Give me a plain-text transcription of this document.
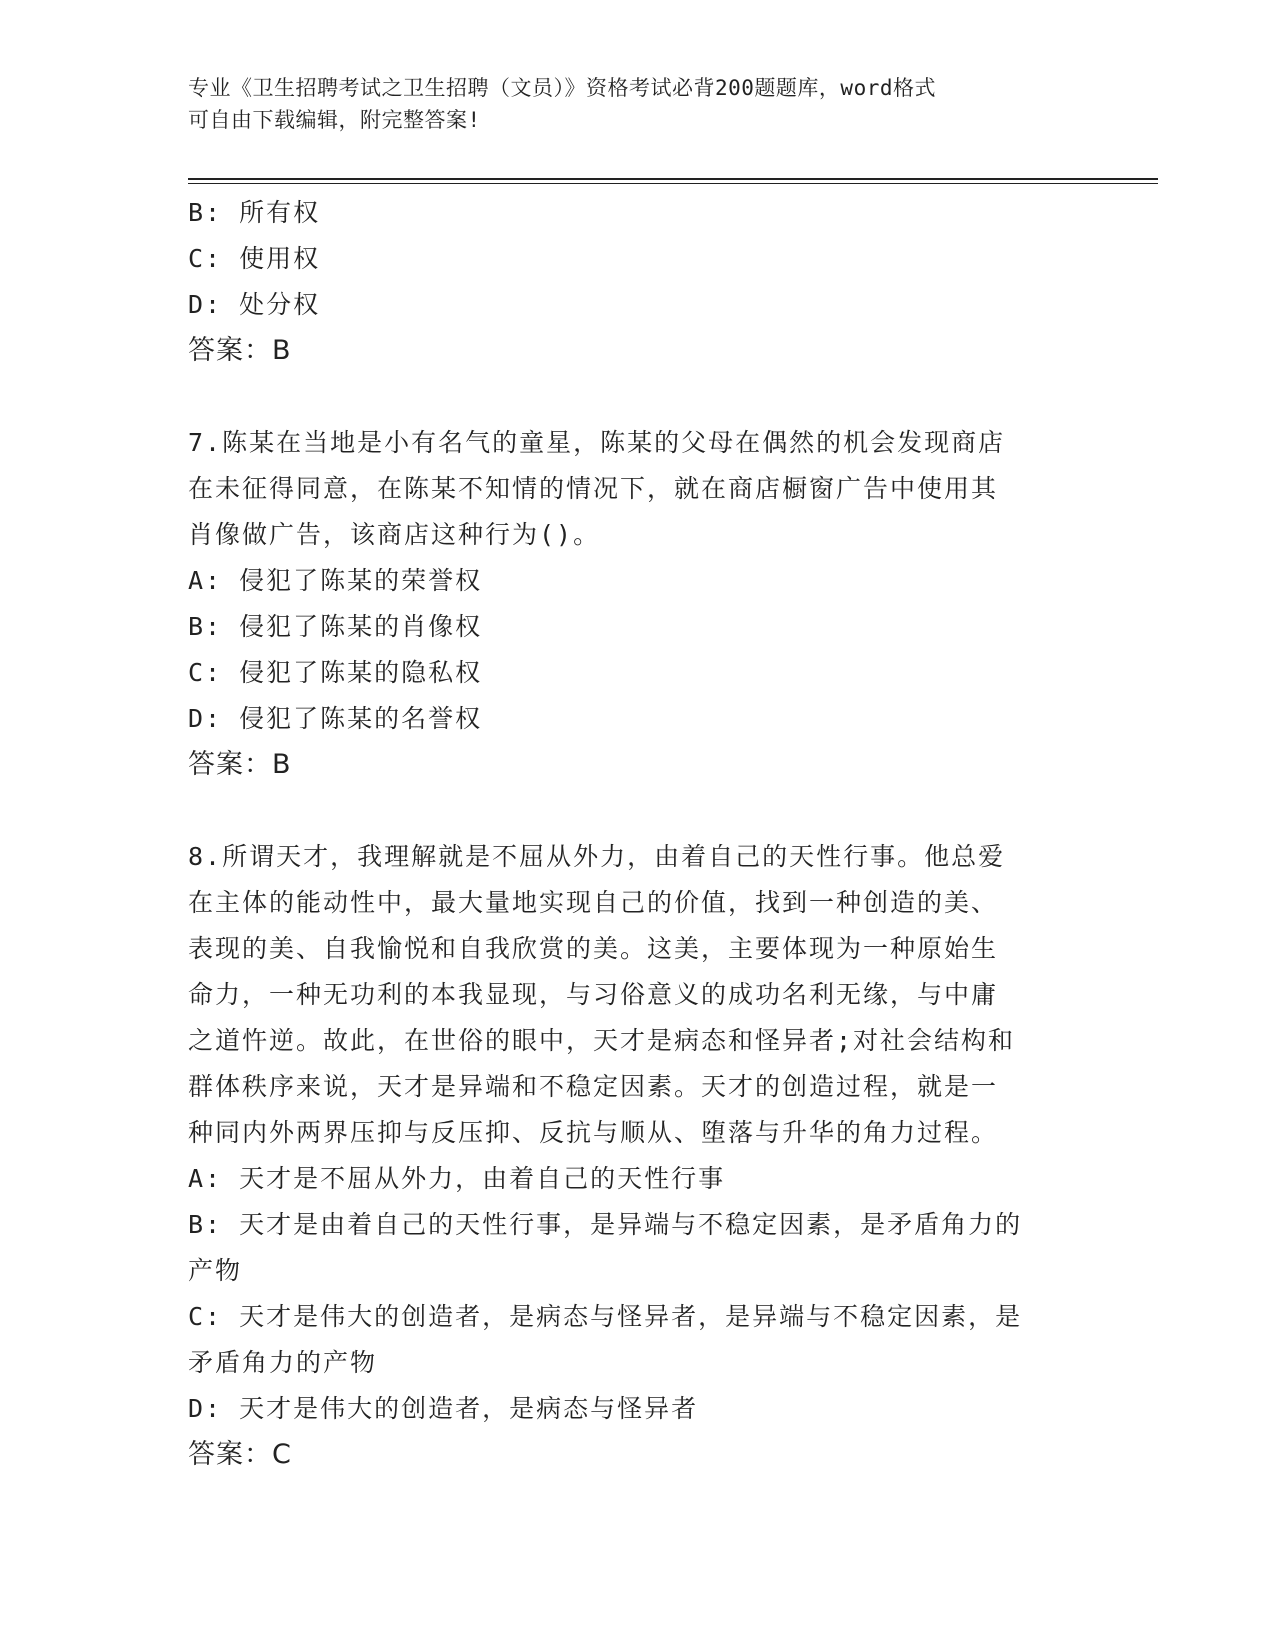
专业《卫生招聘考试之卫生招聘（文员）》资格考试必背200题题库，word格式
可自由下载编辑，附完整答案!

B: 所有权

C: 使用权

D: 处分权

答案：B

7.陈某在当地是小有名气的童星，陈某的父母在偶然的机会发现商店

在未征得同意，在陈某不知情的情况下，就在商店橱窗广告中使用其

肖像做广告，该商店这种行为()。

A: 侵犯了陈某的荣誉权

B: 侵犯了陈某的肖像权

C: 侵犯了陈某的隐私权

D: 侵犯了陈某的名誉权

答案：B

8.所谓天才，我理解就是不屈从外力，由着自己的天性行事。他总爱

在主体的能动性中，最大量地实现自己的价值，找到一种创造的美、

表现的美、自我愉悦和自我欣赏的美。这美，主要体现为一种原始生

命力，一种无功利的本我显现，与习俗意义的成功名利无缘，与中庸

之道忤逆。故此，在世俗的眼中，天才是病态和怪异者;对社会结构和

群体秩序来说，天才是异端和不稳定因素。天才的创造过程，就是一

种同内外两界压抑与反压抑、反抗与顺从、堕落与升华的角力过程。

A: 天才是不屈从外力，由着自己的天性行事

B: 天才是由着自己的天性行事，是异端与不稳定因素，是矛盾角力的

产物

C: 天才是伟大的创造者，是病态与怪异者，是异端与不稳定因素，是

矛盾角力的产物

D: 天才是伟大的创造者，是病态与怪异者

答案：C
